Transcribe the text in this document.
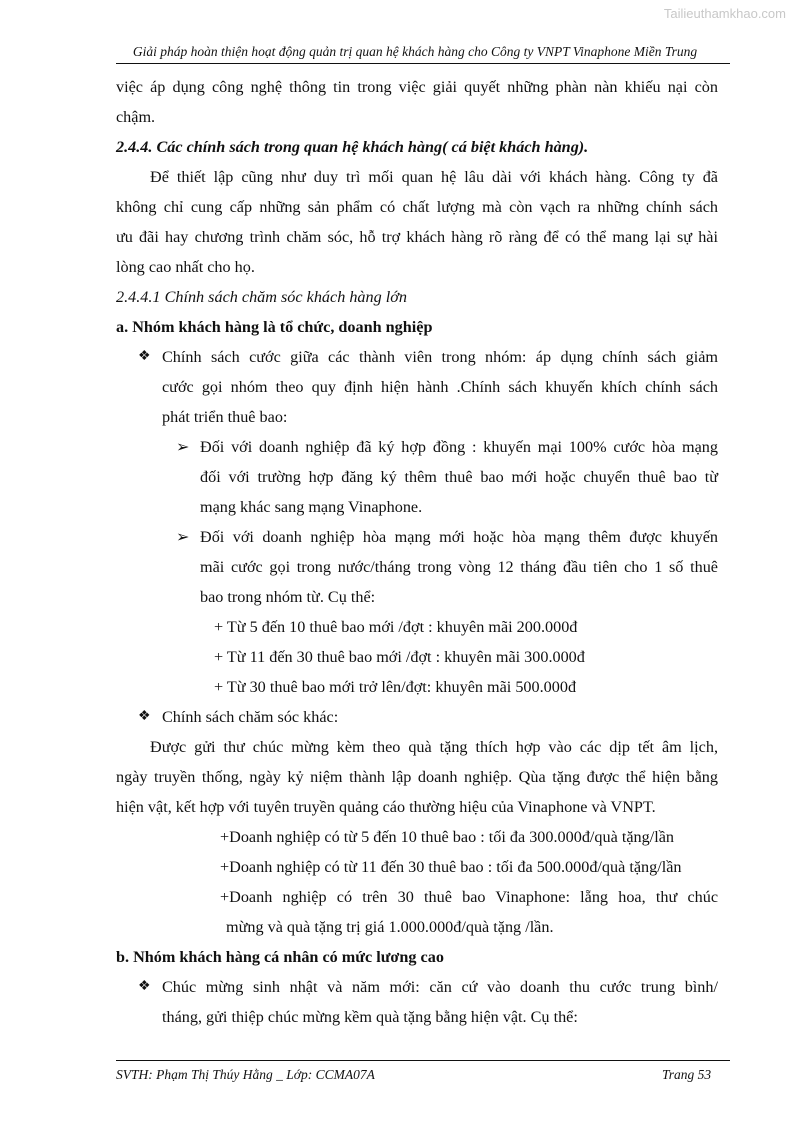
Tailieuthamkhao.com
Giải pháp hoàn thiện hoạt động quản trị quan hệ khách hàng cho Công ty VNPT Vinaphone Miền Trung

việc áp dụng công nghệ thông tin trong việc giải quyết những phàn nàn khiếu nại còn

chậm.

2.4.4. Các chính sách trong quan hệ khách hàng( cá biệt khách hàng).

Để thiết lập cũng như duy trì mối quan hệ lâu dài với khách hàng. Công ty đã

không chỉ cung cấp những sản phẩm có chất lượng mà còn vạch ra những chính sách

ưu đãi hay chương trình chăm sóc, hỗ trợ khách hàng rõ ràng để có thể mang lại sự hài

lòng cao nhất cho họ.

2.4.4.1 Chính sách chăm sóc khách hàng lớn

a. Nhóm khách hàng là tổ chức, doanh nghiệp

❖ Chính sách cước giữa các thành viên trong nhóm: áp dụng chính sách giảm

cước gọi nhóm theo quy định hiện hành .Chính sách khuyến khích chính sách

phát triển thuê bao:

➢ Đối với doanh nghiệp đã ký hợp đồng : khuyến mại 100% cước hòa mạng

đối với trường hợp đăng ký thêm thuê bao mới hoặc chuyển thuê bao từ

mạng khác sang mạng Vinaphone.

➢ Đối với doanh nghiệp hòa mạng mới hoặc hòa mạng thêm được khuyến

mãi cước gọi trong nước/tháng trong vòng 12 tháng đầu tiên cho 1 số thuê

bao trong nhóm từ. Cụ thể:

+ Từ 5 đến 10 thuê bao mới /đợt : khuyên mãi 200.000đ

+ Từ 11 đến 30 thuê bao mới /đợt : khuyên mãi 300.000đ

+ Từ 30 thuê bao mới trở lên/đợt: khuyên mãi 500.000đ

❖ Chính sách chăm sóc khác:

Được gửi thư chúc mừng kèm theo quà tặng thích hợp vào các dịp tết âm lịch,

ngày truyền thống, ngày kỷ niệm thành lập doanh nghiệp. Qùa tặng được thể hiện bằng

hiện vật, kết hợp với tuyên truyền quảng cáo thường hiệu của Vinaphone và VNPT.

+Doanh nghiệp có từ 5 đến 10 thuê bao : tối đa 300.000đ/quà tặng/lần

+Doanh nghiệp có từ 11 đến 30 thuê bao : tối đa 500.000đ/quà tặng/lần

+Doanh nghiệp có trên 30 thuê bao Vinaphone: lẵng hoa, thư chúc

mừng và quà tặng trị giá 1.000.000đ/quà tặng /lần.

b. Nhóm khách hàng cá nhân có mức lương cao

❖ Chúc mừng sinh nhật và năm mới: căn cứ vào doanh thu cước trung bình/

tháng, gửi thiệp chúc mừng kềm quà tặng bằng hiện vật. Cụ thể:

SVTH: Phạm Thị Thúy Hằng _ Lớp: CCMA07A	Trang 53
